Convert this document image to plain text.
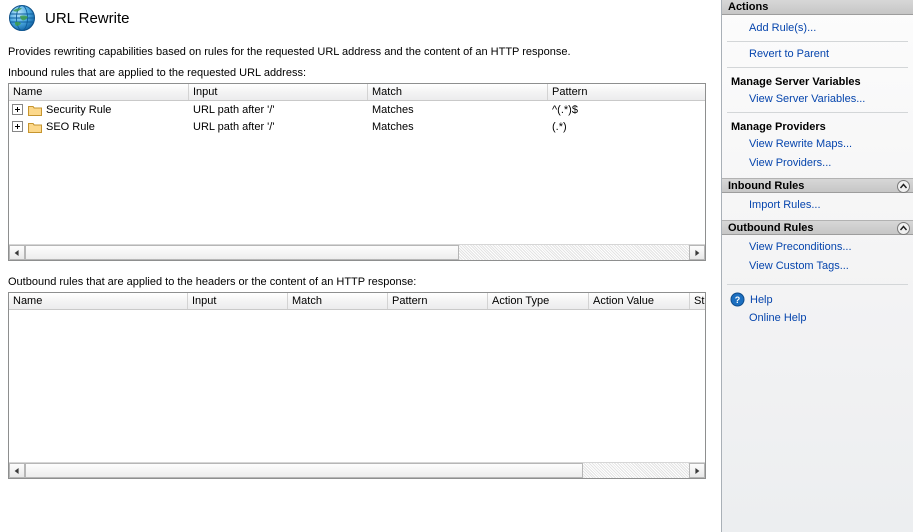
URL Rewrite
Provides rewriting capabilities based on rules for the requested URL address and the content of an HTTP response.
Inbound rules that are applied to the requested URL address:
Name	Input	Match	Pattern
Security Rule	URL path after '/'	Matches	^(.*)$
SEO Rule	URL path after '/'	Matches	(.*)
Outbound rules that are applied to the headers or the content of an HTTP response:
Name	Input	Match	Pattern	Action Type	Action Value	St
Actions
Add Rule(s)...
Revert to Parent
Manage Server Variables
View Server Variables...
Manage Providers
View Rewrite Maps...
View Providers...
Inbound Rules
Import Rules...
Outbound Rules
View Preconditions...
View Custom Tags...
? Help
Online Help
